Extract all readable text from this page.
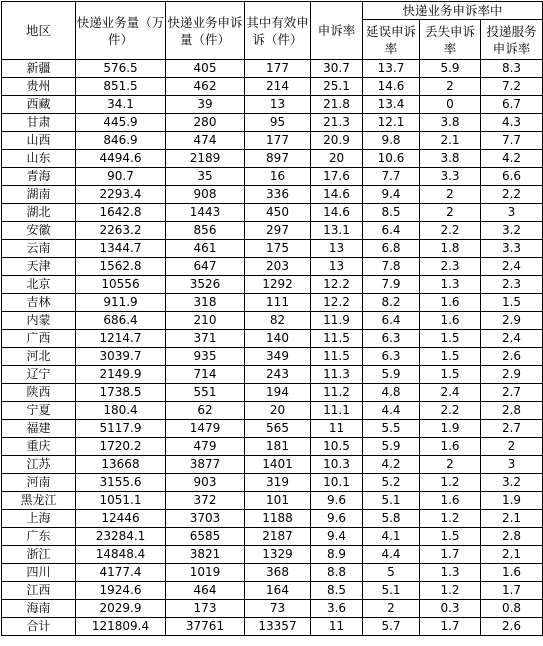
地区	快递业务量（万件）	快递业务申诉量（件）	其中有效申诉（件）	申诉率	快递业务申诉率中		
					延误申诉率	丢失申诉率	投递服务申诉率
新疆	576.5	405	177	30.7	13.7	5.9	8.3
贵州	851.5	462	214	25.1	14.6	2	7.2
西藏	34.1	39	13	21.8	13.4	0	6.7
甘肃	445.9	280	95	21.3	12.1	3.8	4.3
山西	846.9	474	177	20.9	9.8	2.1	7.7
山东	4494.6	2189	897	20	10.6	3.8	4.2
青海	90.7	35	16	17.6	7.7	3.3	6.6
湖南	2293.4	908	336	14.6	9.4	2	2.2
湖北	1642.8	1443	450	14.6	8.5	2	3
安徽	2263.2	856	297	13.1	6.4	2.2	3.2
云南	1344.7	461	175	13	6.8	1.8	3.3
天津	1562.8	647	203	13	7.8	2.3	2.4
北京	10556	3526	1292	12.2	7.9	1.3	2.3
吉林	911.9	318	111	12.2	8.2	1.6	1.5
内蒙	686.4	210	82	11.9	6.4	1.6	2.9
广西	1214.7	371	140	11.5	6.3	1.5	2.4
河北	3039.7	935	349	11.5	6.3	1.5	2.6
辽宁	2149.9	714	243	11.3	5.9	1.5	2.9
陕西	1738.5	551	194	11.2	4.8	2.4	2.7
宁夏	180.4	62	20	11.1	4.4	2.2	2.8
福建	5117.9	1479	565	11	5.5	1.9	2.7
重庆	1720.2	479	181	10.5	5.9	1.6	2
江苏	13668	3877	1401	10.3	4.2	2	3
河南	3155.6	903	319	10.1	5.2	1.2	3.2
黑龙江	1051.1	372	101	9.6	5.1	1.6	1.9
上海	12446	3703	1188	9.6	5.8	1.2	2.1
广东	23284.1	6585	2187	9.4	4.1	1.5	2.8
浙江	14848.4	3821	1329	8.9	4.4	1.7	2.1
四川	4177.4	1019	368	8.8	5	1.3	1.6
江西	1924.6	464	164	8.5	5.1	1.2	1.7
海南	2029.9	173	73	3.6	2	0.3	0.8
合计	121809.4	37761	13357	11	5.7	1.7	2.6
